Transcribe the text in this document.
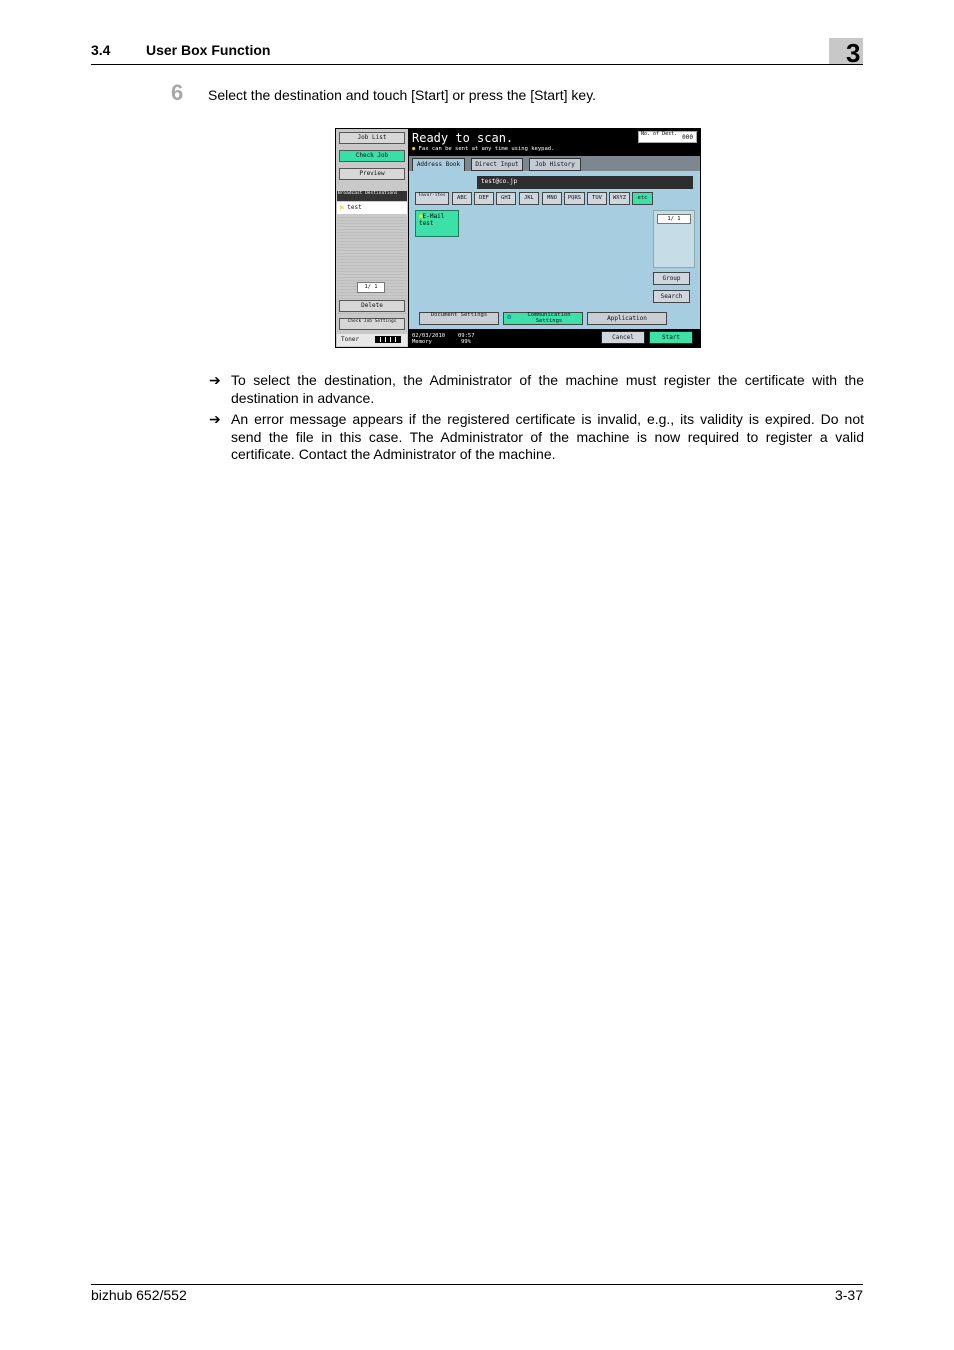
3.4	User Box Function	3
6 Select the destination and touch [Start] or press the [Start] key.
Job List
Check Job
Preview
Broadcast Destinations
✉ test
1/ 1
Delete
Check Job Settings
Toner
Ready to scan.
● Fax can be sent at any time using keypad.
No. of Dest. 000
Address Book	Direct Input	Job History
test@co.jp
Favor-ites	ABC	DEF	GHI	JKL	MNO	PQRS	TUV	WXYZ	etc
■E-Mail
test
1/ 1
Group
Search
Document Settings	⚙	Communication Settings	Application
02/03/2010 09:57
Memory	99%
Cancel	Start
➔ To select the destination, the Administrator of the machine must register the certificate with the destination in advance.
➔ An error message appears if the registered certificate is invalid, e.g., its validity is expired. Do not send the file in this case. The Administrator of the machine is now required to register a valid certificate. Contact the Administrator of the machine.
bizhub 652/552	3-37
